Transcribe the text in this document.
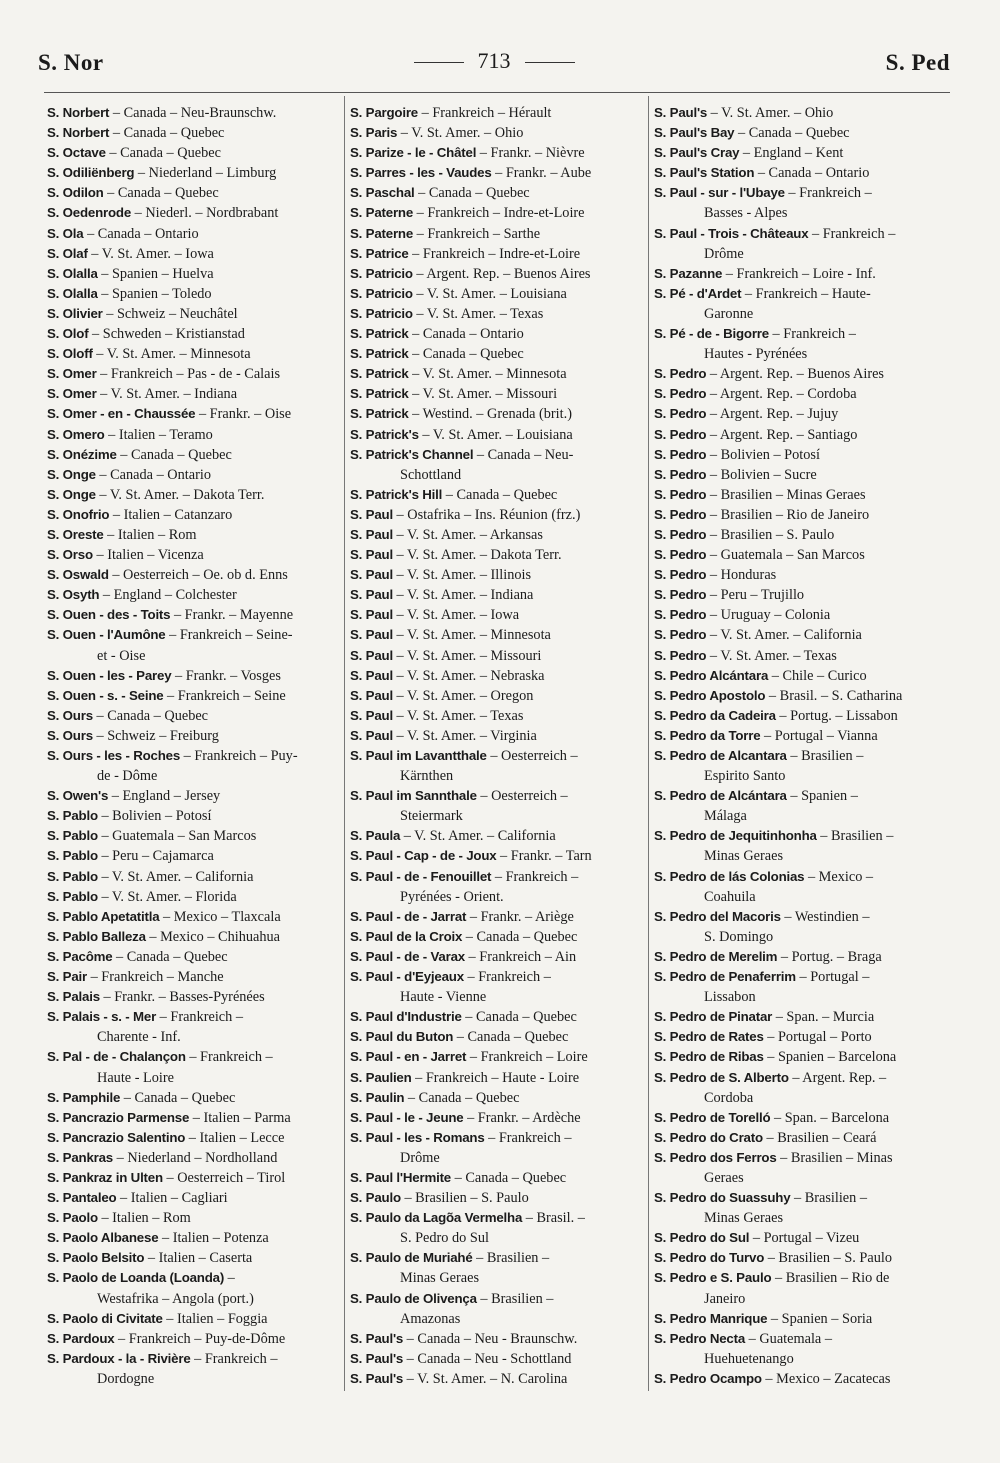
S. Nor	713	S. Ped
S. Norbert – Canada – Neu-Braunschw.
S. Norbert – Canada – Quebec
S. Octave – Canada – Quebec
S. Odiliënberg – Niederland – Limburg
S. Odilon – Canada – Quebec
S. Oedenrode – Niederl. – Nordbrabant
S. Ola – Canada – Ontario
S. Olaf – V. St. Amer. – Iowa
S. Olalla – Spanien – Huelva
S. Olalla – Spanien – Toledo
S. Olivier – Schweiz – Neuchâtel
S. Olof – Schweden – Kristianstad
S. Oloff – V. St. Amer. – Minnesota
S. Omer – Frankreich – Pas - de - Calais
S. Omer – V. St. Amer. – Indiana
S. Omer - en - Chaussée – Frankr. – Oise
S. Omero – Italien – Teramo
S. Onézime – Canada – Quebec
S. Onge – Canada – Ontario
S. Onge – V. St. Amer. – Dakota Terr.
S. Onofrio – Italien – Catanzaro
S. Oreste – Italien – Rom
S. Orso – Italien – Vicenza
S. Oswald – Oesterreich – Oe. ob d. Enns
S. Osyth – England – Colchester
S. Ouen - des - Toits – Frankr. – Mayenne
S. Ouen - l'Aumône – Frankreich – Seine-
et - Oise
S. Ouen - les - Parey – Frankr. – Vosges
S. Ouen - s. - Seine – Frankreich – Seine
S. Ours – Canada – Quebec
S. Ours – Schweiz – Freiburg
S. Ours - les - Roches – Frankreich – Puy-
de - Dôme
S. Owen's – England – Jersey
S. Pablo – Bolivien – Potosí
S. Pablo – Guatemala – San Marcos
S. Pablo – Peru – Cajamarca
S. Pablo – V. St. Amer. – California
S. Pablo – V. St. Amer. – Florida
S. Pablo Apetatitla – Mexico – Tlaxcala
S. Pablo Balleza – Mexico – Chihuahua
S. Pacôme – Canada – Quebec
S. Pair – Frankreich – Manche
S. Palais – Frankr. – Basses-Pyrénées
S. Palais - s. - Mer – Frankreich –
Charente - Inf.
S. Pal - de - Chalançon – Frankreich –
Haute - Loire
S. Pamphile – Canada – Quebec
S. Pancrazio Parmense – Italien – Parma
S. Pancrazio Salentino – Italien – Lecce
S. Pankras – Niederland – Nordholland
S. Pankraz in Ulten – Oesterreich – Tirol
S. Pantaleo – Italien – Cagliari
S. Paolo – Italien – Rom
S. Paolo Albanese – Italien – Potenza
S. Paolo Belsito – Italien – Caserta
S. Paolo de Loanda (Loanda) –
Westafrika – Angola (port.)
S. Paolo di Civitate – Italien – Foggia
S. Pardoux – Frankreich – Puy-de-Dôme
S. Pardoux - la - Rivière – Frankreich –
Dordogne
S. Pargoire – Frankreich – Hérault
S. Paris – V. St. Amer. – Ohio
S. Parize - le - Châtel – Frankr. – Nièvre
S. Parres - les - Vaudes – Frankr. – Aube
S. Paschal – Canada – Quebec
S. Paterne – Frankreich – Indre-et-Loire
S. Paterne – Frankreich – Sarthe
S. Patrice – Frankreich – Indre-et-Loire
S. Patricio – Argent. Rep. – Buenos Aires
S. Patricio – V. St. Amer. – Louisiana
S. Patricio – V. St. Amer. – Texas
S. Patrick – Canada – Ontario
S. Patrick – Canada – Quebec
S. Patrick – V. St. Amer. – Minnesota
S. Patrick – V. St. Amer. – Missouri
S. Patrick – Westind. – Grenada (brit.)
S. Patrick's – V. St. Amer. – Louisiana
S. Patrick's Channel – Canada – Neu-
Schottland
S. Patrick's Hill – Canada – Quebec
S. Paul – Ostafrika – Ins. Réunion (frz.)
S. Paul – V. St. Amer. – Arkansas
S. Paul – V. St. Amer. – Dakota Terr.
S. Paul – V. St. Amer. – Illinois
S. Paul – V. St. Amer. – Indiana
S. Paul – V. St. Amer. – Iowa
S. Paul – V. St. Amer. – Minnesota
S. Paul – V. St. Amer. – Missouri
S. Paul – V. St. Amer. – Nebraska
S. Paul – V. St. Amer. – Oregon
S. Paul – V. St. Amer. – Texas
S. Paul – V. St. Amer. – Virginia
S. Paul im Lavantthale – Oesterreich –
Kärnthen
S. Paul im Sannthale – Oesterreich –
Steiermark
S. Paula – V. St. Amer. – California
S. Paul - Cap - de - Joux – Frankr. – Tarn
S. Paul - de - Fenouillet – Frankreich –
Pyrénées - Orient.
S. Paul - de - Jarrat – Frankr. – Ariège
S. Paul de la Croix – Canada – Quebec
S. Paul - de - Varax – Frankreich – Ain
S. Paul - d'Eyjeaux – Frankreich –
Haute - Vienne
S. Paul d'Industrie – Canada – Quebec
S. Paul du Buton – Canada – Quebec
S. Paul - en - Jarret – Frankreich – Loire
S. Paulien – Frankreich – Haute - Loire
S. Paulin – Canada – Quebec
S. Paul - le - Jeune – Frankr. – Ardèche
S. Paul - les - Romans – Frankreich –
Drôme
S. Paul l'Hermite – Canada – Quebec
S. Paulo – Brasilien – S. Paulo
S. Paulo da Lagõa Vermelha – Brasil. –
S. Pedro do Sul
S. Paulo de Muriahé – Brasilien –
Minas Geraes
S. Paulo de Olivença – Brasilien –
Amazonas
S. Paul's – Canada – Neu - Braunschw.
S. Paul's – Canada – Neu - Schottland
S. Paul's – V. St. Amer. – N. Carolina
S. Paul's – V. St. Amer. – Ohio
S. Paul's Bay – Canada – Quebec
S. Paul's Cray – England – Kent
S. Paul's Station – Canada – Ontario
S. Paul - sur - l'Ubaye – Frankreich –
Basses - Alpes
S. Paul - Trois - Châteaux – Frankreich –
Drôme
S. Pazanne – Frankreich – Loire - Inf.
S. Pé - d'Ardet – Frankreich – Haute-
Garonne
S. Pé - de - Bigorre – Frankreich –
Hautes - Pyrénées
S. Pedro – Argent. Rep. – Buenos Aires
S. Pedro – Argent. Rep. – Cordoba
S. Pedro – Argent. Rep. – Jujuy
S. Pedro – Argent. Rep. – Santiago
S. Pedro – Bolivien – Potosí
S. Pedro – Bolivien – Sucre
S. Pedro – Brasilien – Minas Geraes
S. Pedro – Brasilien – Rio de Janeiro
S. Pedro – Brasilien – S. Paulo
S. Pedro – Guatemala – San Marcos
S. Pedro – Honduras
S. Pedro – Peru – Trujillo
S. Pedro – Uruguay – Colonia
S. Pedro – V. St. Amer. – California
S. Pedro – V. St. Amer. – Texas
S. Pedro Alcántara – Chile – Curico
S. Pedro Apostolo – Brasil. – S. Catharina
S. Pedro da Cadeira – Portug. – Lissabon
S. Pedro da Torre – Portugal – Vianna
S. Pedro de Alcantara – Brasilien –
Espirito Santo
S. Pedro de Alcántara – Spanien –
Málaga
S. Pedro de Jequitinhonha – Brasilien –
Minas Geraes
S. Pedro de lás Colonias – Mexico –
Coahuila
S. Pedro del Macoris – Westindien –
S. Domingo
S. Pedro de Merelim – Portug. – Braga
S. Pedro de Penaferrim – Portugal –
Lissabon
S. Pedro de Pinatar – Span. – Murcia
S. Pedro de Rates – Portugal – Porto
S. Pedro de Ribas – Spanien – Barcelona
S. Pedro de S. Alberto – Argent. Rep. –
Cordoba
S. Pedro de Torelló – Span. – Barcelona
S. Pedro do Crato – Brasilien – Ceará
S. Pedro dos Ferros – Brasilien – Minas
Geraes
S. Pedro do Suassuhy – Brasilien –
Minas Geraes
S. Pedro do Sul – Portugal – Vizeu
S. Pedro do Turvo – Brasilien – S. Paulo
S. Pedro e S. Paulo – Brasilien – Rio de
Janeiro
S. Pedro Manrique – Spanien – Soria
S. Pedro Necta – Guatemala –
Huehuetenango
S. Pedro Ocampo – Mexico – Zacatecas
